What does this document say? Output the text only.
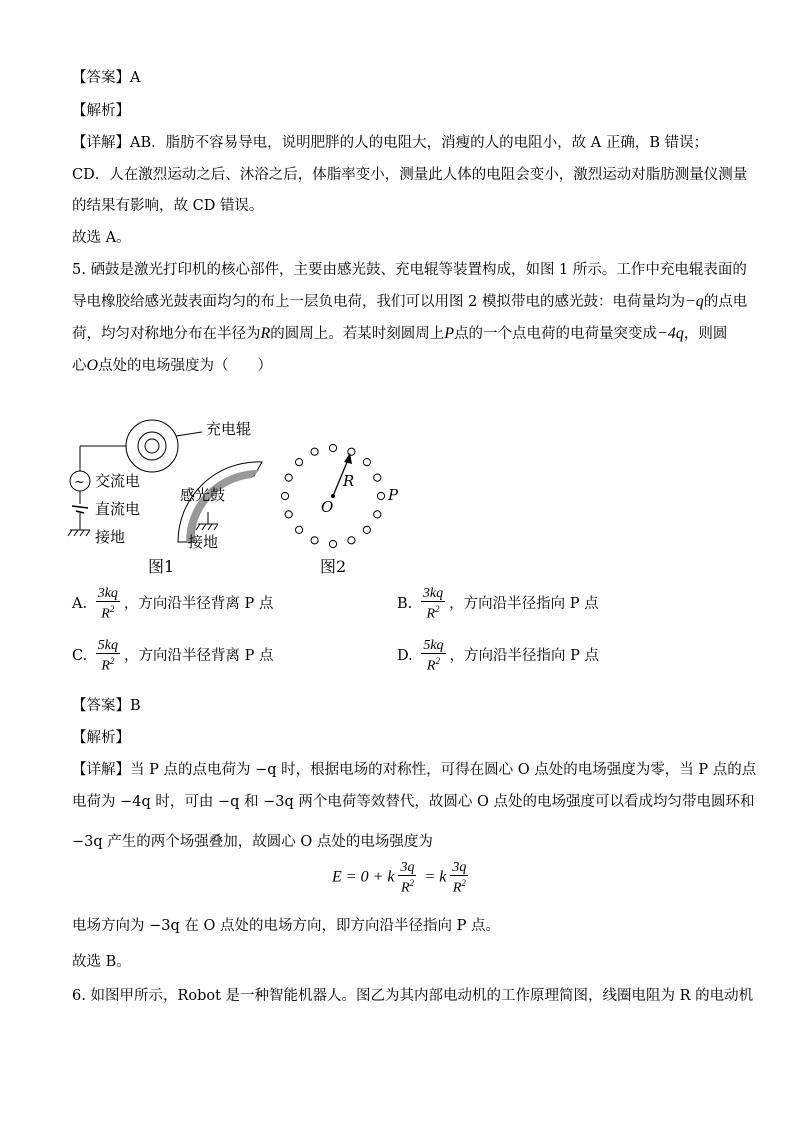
【答案】A
【解析】
【详解】AB．脂肪不容易导电，说明肥胖的人的电阻大，消瘦的人的电阻小，故 A 正确，B 错误；
CD．人在激烈运动之后、沐浴之后，体脂率变小，测量此人体的电阻会变小，激烈运动对脂肪测量仪测量
的结果有影响，故 CD 错误。
故选 A。
5. 硒鼓是激光打印机的核心部件，主要由感光鼓、充电辊等装置构成，如图 1 所示。工作中充电辊表面的
导电橡胶给感光鼓表面均匀的布上一层负电荷，我们可以用图 2 模拟带电的感光鼓：电荷量均为−q的点电
荷，均匀对称地分布在半径为R的圆周上。若某时刻圆周上P点的一个点电荷的电荷量突变成−4q，则圆
心O点处的电场强度为（　　）
充电辊
~ 交流电
直流电
接地
感光鼓
接地
图1
R
O
P
图2
A. $\frac{3kq}{R^2}$ ，方向沿半径背离 P 点	B. $\frac{3kq}{R^2}$ ，方向沿半径指向 P 点
C. $\frac{5kq}{R^2}$ ，方向沿半径背离 P 点	D. $\frac{5kq}{R^2}$ ，方向沿半径指向 P 点
【答案】B
【解析】
【详解】当 P 点的点电荷为 −q 时，根据电场的对称性，可得在圆心 O 点处的电场强度为零，当 P 点的点
电荷为 −4q 时，可由 −q 和 −3q 两个电荷等效替代，故圆心 O 点处的电场强度可以看成均匀带电圆环和
−3q 产生的两个场强叠加，故圆心 O 点处的电场强度为
E = 0 + k $\frac{3q}{R^2} = k \frac{3q}{R^2}$
电场方向为 −3q 在 O 点处的电场方向，即方向沿半径指向 P 点。
故选 B。
6. 如图甲所示，Robot 是一种智能机器人。图乙为其内部电动机的工作原理简图，线圈电阻为 R 的电动机
